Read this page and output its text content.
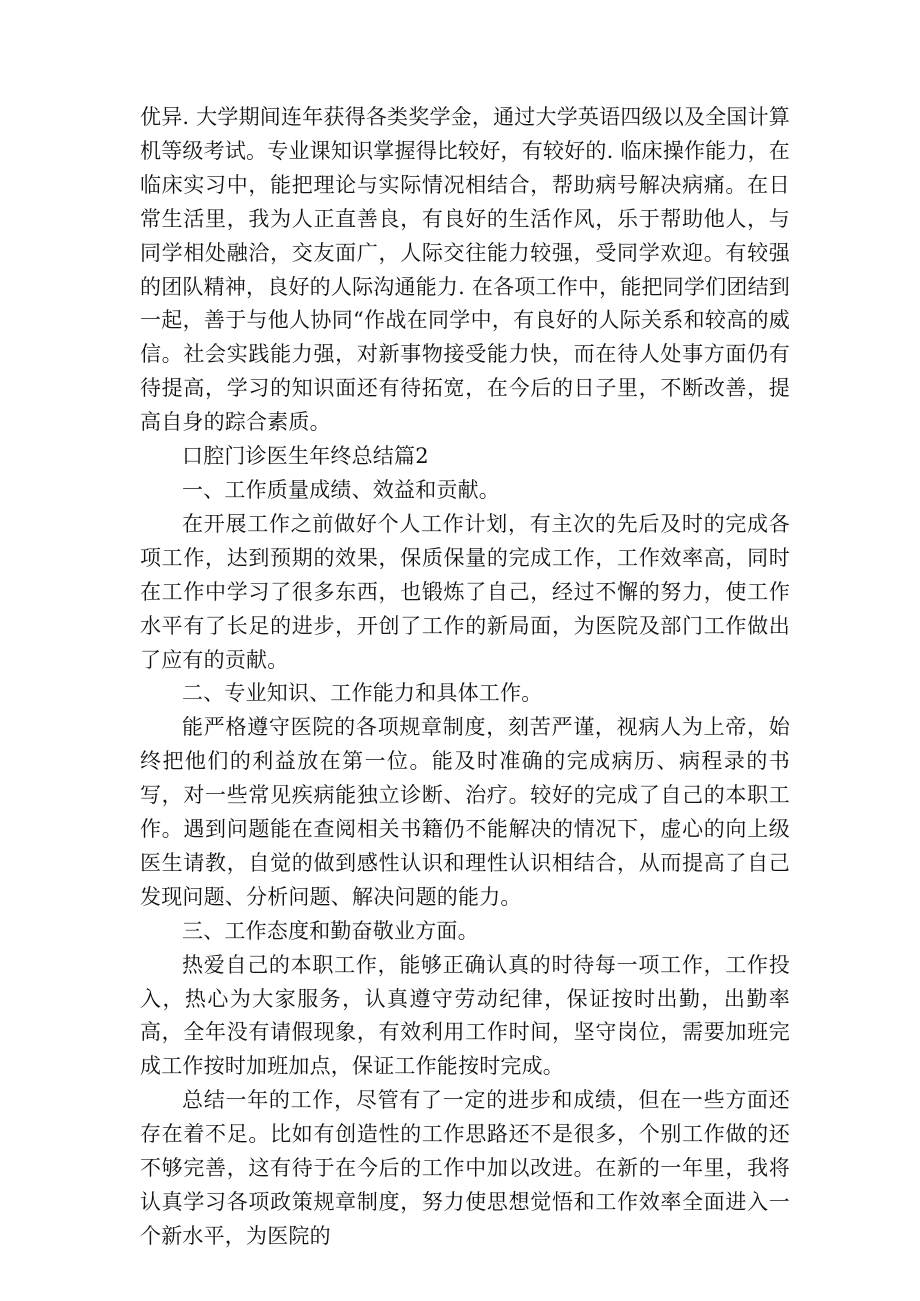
优异. 大学期间连年获得各类奖学金，通过大学英语四级以及全国计算机等级考试。专业课知识掌握得比较好，有较好的. 临床操作能力，在临床实习中，能把理论与实际情况相结合，帮助病号解决病痛。在日常生活里，我为人正直善良，有良好的生活作风，乐于帮助他人，与同学相处融洽，交友面广，人际交往能力较强，受同学欢迎。有较强的团队精神，良好的人际沟通能力. 在各项工作中，能把同学们团结到一起，善于与他人协同“作战在同学中，有良好的人际关系和较高的威信。社会实践能力强，对新事物接受能力快，而在待人处事方面仍有待提高，学习的知识面还有待拓宽，在今后的日子里，不断改善，提高自身的踪合素质。

口腔门诊医生年终总结篇2

一、工作质量成绩、效益和贡献。

在开展工作之前做好个人工作计划，有主次的先后及时的完成各项工作，达到预期的效果，保质保量的完成工作，工作效率高，同时在工作中学习了很多东西，也锻炼了自己，经过不懈的努力，使工作水平有了长足的进步，开创了工作的新局面，为医院及部门工作做出了应有的贡献。

二、专业知识、工作能力和具体工作。

能严格遵守医院的各项规章制度，刻苦严谨，视病人为上帝，始终把他们的利益放在第一位。能及时准确的完成病历、病程录的书写，对一些常见疾病能独立诊断、治疗。较好的完成了自己的本职工作。遇到问题能在查阅相关书籍仍不能解决的情况下，虚心的向上级医生请教，自觉的做到感性认识和理性认识相结合，从而提高了自己发现问题、分析问题、解决问题的能力。

三、工作态度和勤奋敬业方面。

热爱自己的本职工作，能够正确认真的时待每一项工作，工作投入，热心为大家服务，认真遵守劳动纪律，保证按时出勤，出勤率高，全年没有请假现象，有效利用工作时间，坚守岗位，需要加班完成工作按时加班加点，保证工作能按时完成。

总结一年的工作，尽管有了一定的进步和成绩，但在一些方面还存在着不足。比如有创造性的工作思路还不是很多，个别工作做的还不够完善，这有待于在今后的工作中加以改进。在新的一年里，我将认真学习各项政策规章制度，努力使思想觉悟和工作效率全面进入一个新水平，为医院的
